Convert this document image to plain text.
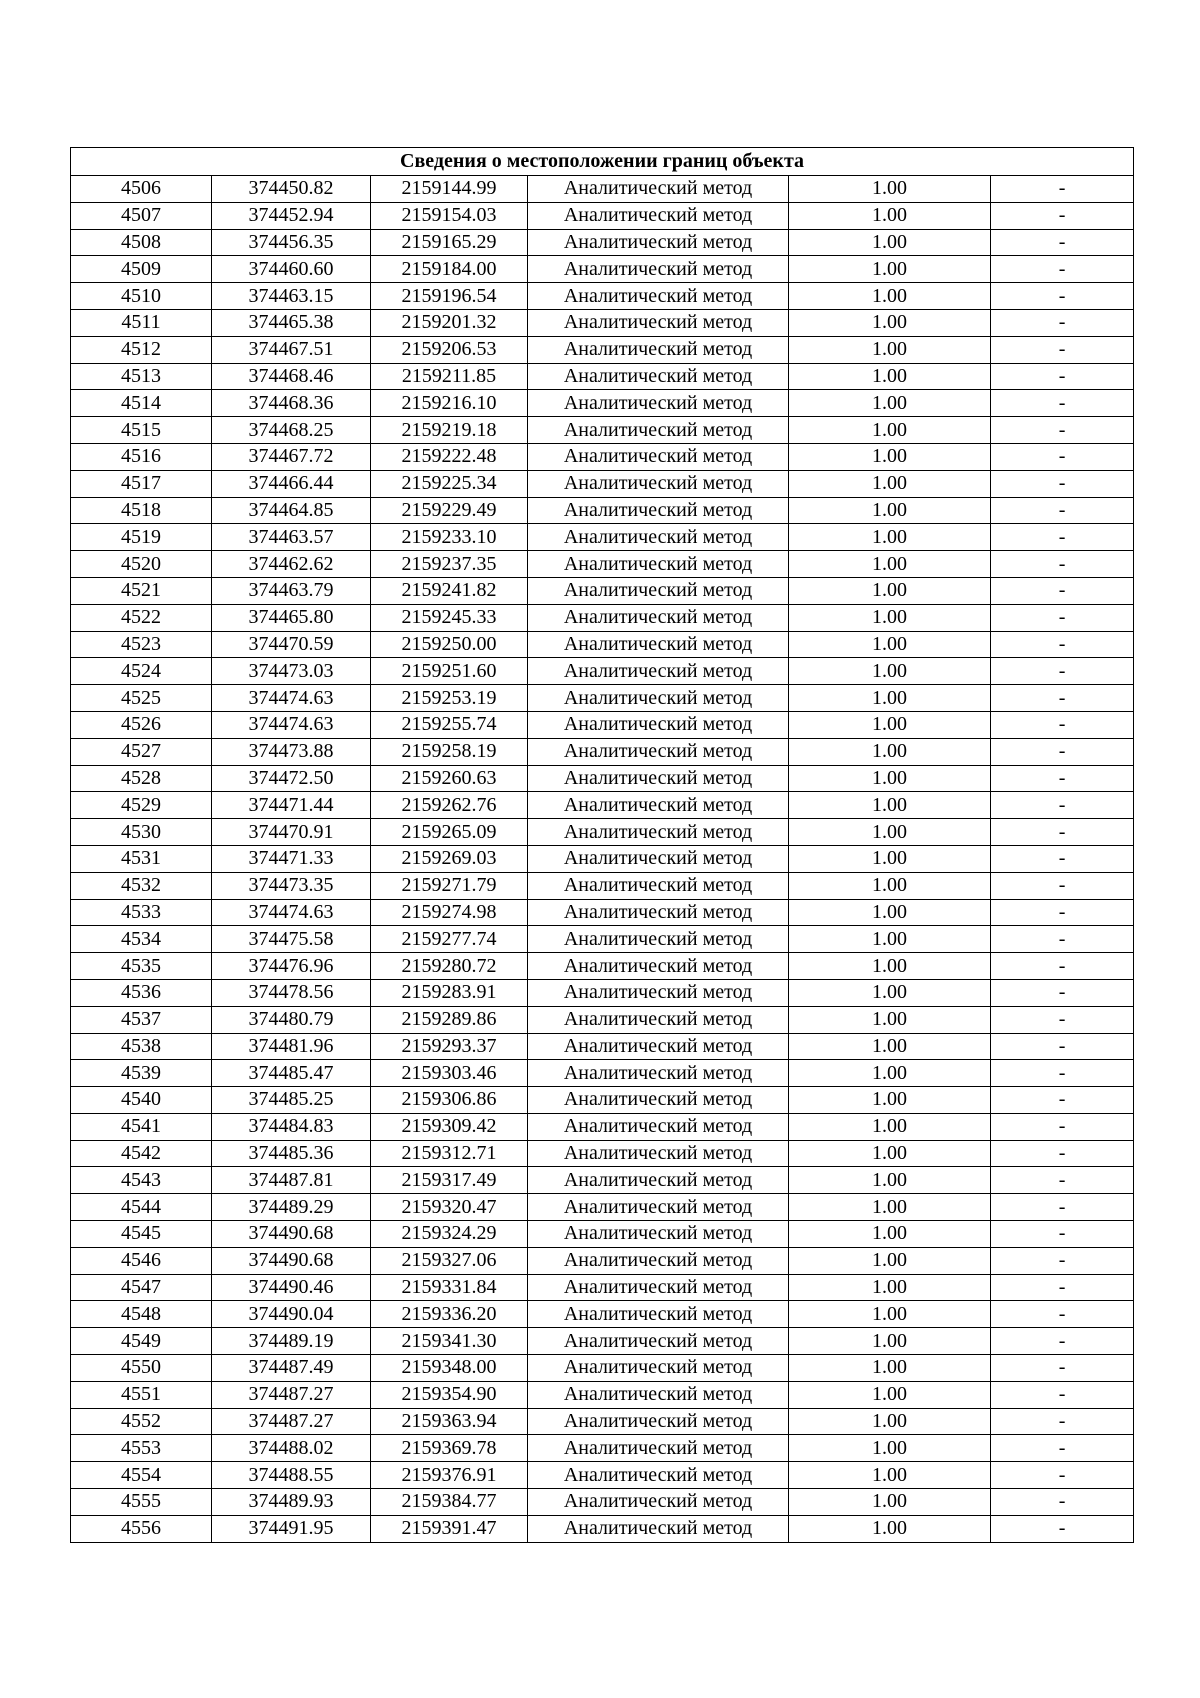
Сведения о местоположении границ объекта					
4506	374450.82	2159144.99	Аналитический метод	1.00	-
4507	374452.94	2159154.03	Аналитический метод	1.00	-
4508	374456.35	2159165.29	Аналитический метод	1.00	-
4509	374460.60	2159184.00	Аналитический метод	1.00	-
4510	374463.15	2159196.54	Аналитический метод	1.00	-
4511	374465.38	2159201.32	Аналитический метод	1.00	-
4512	374467.51	2159206.53	Аналитический метод	1.00	-
4513	374468.46	2159211.85	Аналитический метод	1.00	-
4514	374468.36	2159216.10	Аналитический метод	1.00	-
4515	374468.25	2159219.18	Аналитический метод	1.00	-
4516	374467.72	2159222.48	Аналитический метод	1.00	-
4517	374466.44	2159225.34	Аналитический метод	1.00	-
4518	374464.85	2159229.49	Аналитический метод	1.00	-
4519	374463.57	2159233.10	Аналитический метод	1.00	-
4520	374462.62	2159237.35	Аналитический метод	1.00	-
4521	374463.79	2159241.82	Аналитический метод	1.00	-
4522	374465.80	2159245.33	Аналитический метод	1.00	-
4523	374470.59	2159250.00	Аналитический метод	1.00	-
4524	374473.03	2159251.60	Аналитический метод	1.00	-
4525	374474.63	2159253.19	Аналитический метод	1.00	-
4526	374474.63	2159255.74	Аналитический метод	1.00	-
4527	374473.88	2159258.19	Аналитический метод	1.00	-
4528	374472.50	2159260.63	Аналитический метод	1.00	-
4529	374471.44	2159262.76	Аналитический метод	1.00	-
4530	374470.91	2159265.09	Аналитический метод	1.00	-
4531	374471.33	2159269.03	Аналитический метод	1.00	-
4532	374473.35	2159271.79	Аналитический метод	1.00	-
4533	374474.63	2159274.98	Аналитический метод	1.00	-
4534	374475.58	2159277.74	Аналитический метод	1.00	-
4535	374476.96	2159280.72	Аналитический метод	1.00	-
4536	374478.56	2159283.91	Аналитический метод	1.00	-
4537	374480.79	2159289.86	Аналитический метод	1.00	-
4538	374481.96	2159293.37	Аналитический метод	1.00	-
4539	374485.47	2159303.46	Аналитический метод	1.00	-
4540	374485.25	2159306.86	Аналитический метод	1.00	-
4541	374484.83	2159309.42	Аналитический метод	1.00	-
4542	374485.36	2159312.71	Аналитический метод	1.00	-
4543	374487.81	2159317.49	Аналитический метод	1.00	-
4544	374489.29	2159320.47	Аналитический метод	1.00	-
4545	374490.68	2159324.29	Аналитический метод	1.00	-
4546	374490.68	2159327.06	Аналитический метод	1.00	-
4547	374490.46	2159331.84	Аналитический метод	1.00	-
4548	374490.04	2159336.20	Аналитический метод	1.00	-
4549	374489.19	2159341.30	Аналитический метод	1.00	-
4550	374487.49	2159348.00	Аналитический метод	1.00	-
4551	374487.27	2159354.90	Аналитический метод	1.00	-
4552	374487.27	2159363.94	Аналитический метод	1.00	-
4553	374488.02	2159369.78	Аналитический метод	1.00	-
4554	374488.55	2159376.91	Аналитический метод	1.00	-
4555	374489.93	2159384.77	Аналитический метод	1.00	-
4556	374491.95	2159391.47	Аналитический метод	1.00	-
